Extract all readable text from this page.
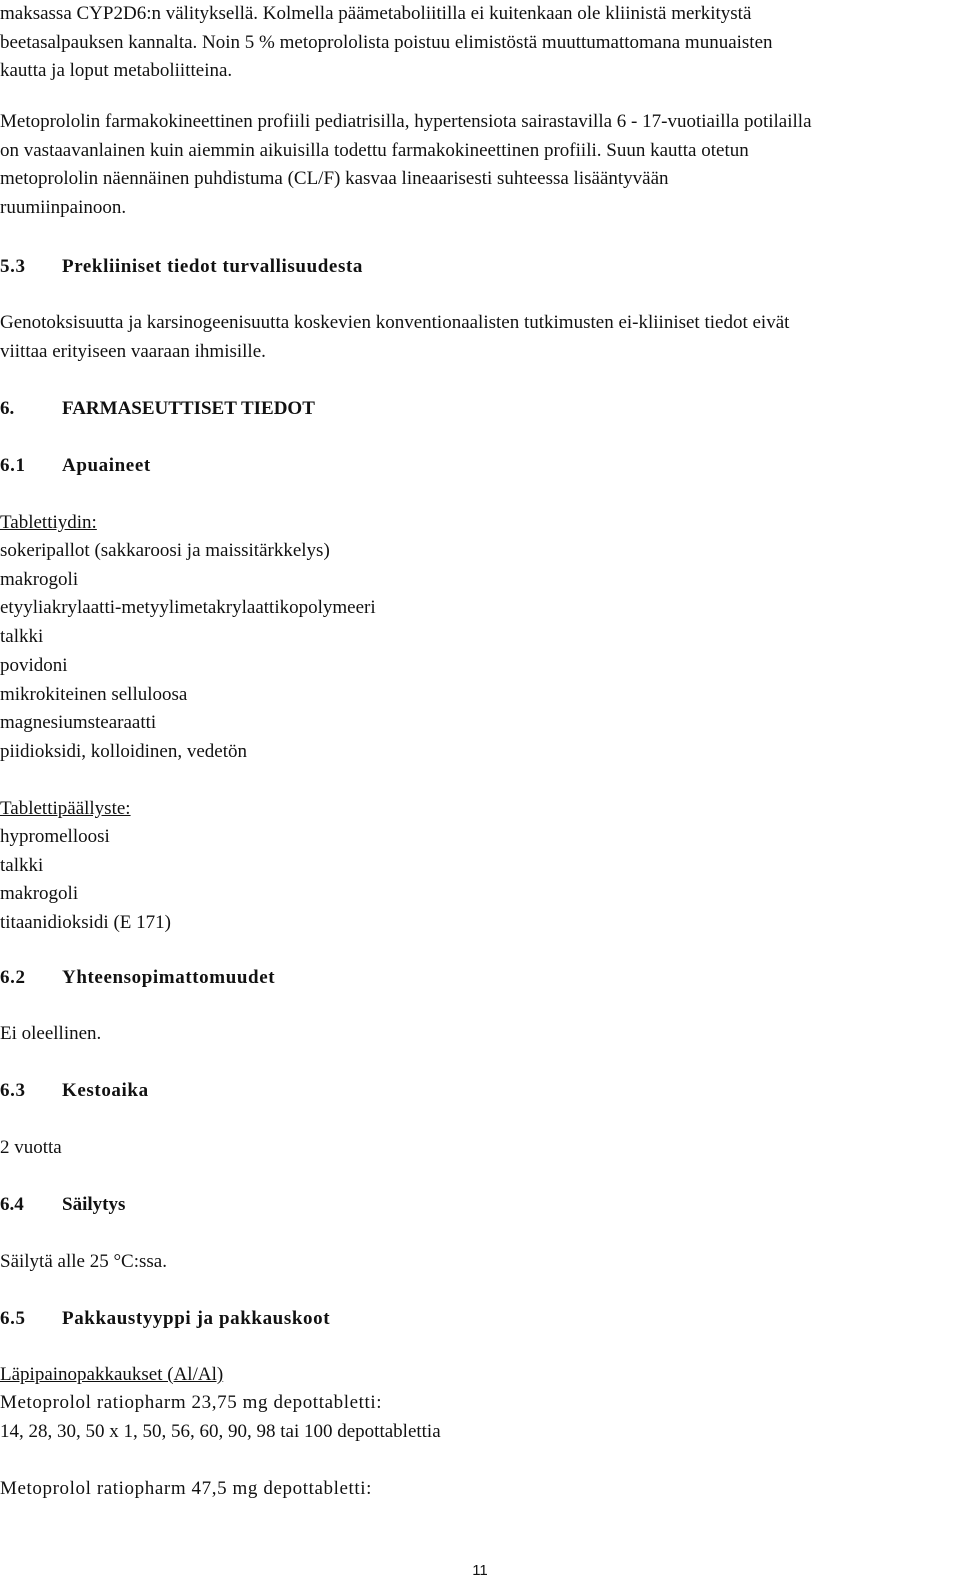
maksassa CYP2D6:n välityksellä. Kolmella päämetaboliitilla ei kuitenkaan ole kliinistä merkitystä
beetasalpauksen kannalta. Noin 5 % metoprololista poistuu elimistöstä muuttumattomana munuaisten
kautta ja loput metaboliitteina.

Metoprololin farmakokineettinen profiili pediatrisilla, hypertensiota sairastavilla 6 - 17-vuotiailla potilailla
on vastaavanlainen kuin aiemmin aikuisilla todettu farmakokineettinen profiili. Suun kautta otetun
metoprololin näennäinen puhdistuma (CL/F) kasvaa lineaarisesti suhteessa lisääntyvään
ruumiinpainoon.

5.3 Prekliiniset tiedot turvallisuudesta

Genotoksisuutta ja karsinogeenisuutta koskevien konventionaalisten tutkimusten ei-kliiniset tiedot eivät
viittaa erityiseen vaaraan ihmisille.

6.	FARMASEUTTISET TIEDOT
6.1 Apuaineet

Tablettiydin:

sokeripallot (sakkaroosi ja maissitärkkelys)
makrogoli
etyyliakrylaatti-metyylimetakrylaattikopolymeeri
talkki
povidoni
mikrokiteinen selluloosa
magnesiumstearaatti
piidioksidi, kolloidinen, vedetön

Tablettipäällyste:

hypromelloosi
talkki
makrogoli
titaanidioksidi (E 171)
6.2 Yhteensopimattomuudet

Ei oleellinen.

6.3 Kestoaika

2 vuotta

6.4 Säilytys

Säilytä alle 25 °C:ssa.

6.5 Pakkaustyyppi ja pakkauskoot

Läpipainopakkaukset (Al/Al)

Metoprolol ratiopharm 23,75 mg depottabletti:

14, 28, 30, 50 x 1, 50, 56, 60, 90, 98 tai 100 depottablettia

Metoprolol ratiopharm 47,5 mg depottabletti:

11
